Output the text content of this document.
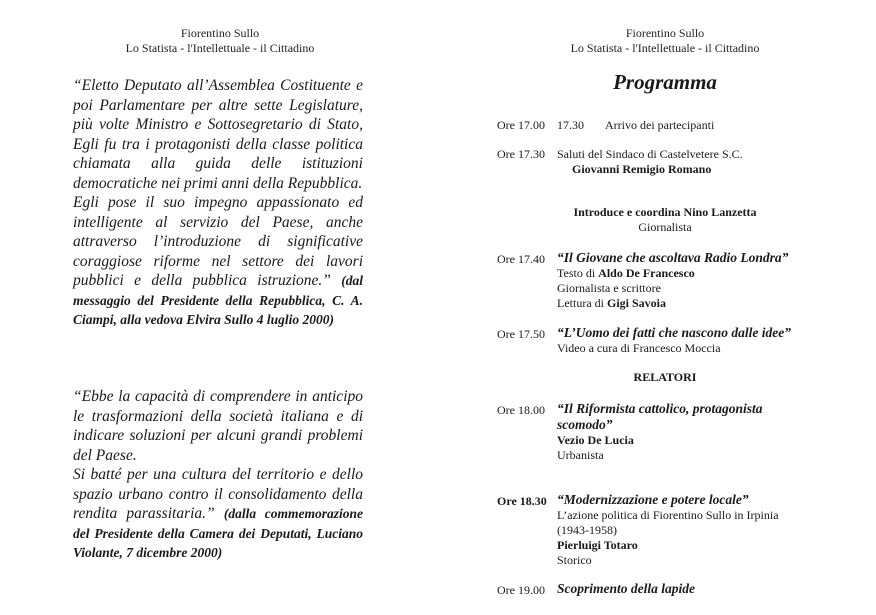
Fiorentino Sullo
Lo Statista - l'Intellettuale - il Cittadino
Fiorentino Sullo
Lo Statista - l'Intellettuale - il Cittadino

“Eletto Deputato all’Assemblea Costituente e poi Parlamentare per altre sette Legislature, più volte Ministro e Sottosegretario di Stato, Egli fu tra i protagonisti della classe politica chiamata alla guida delle istituzioni democratiche nei primi anni della Repubblica.

Egli pose il suo impegno appassionato ed intelligente al servizio del Paese, anche attraverso l’introduzione di significative coraggiose riforme nel settore dei lavori pubblici e della pubblica istruzione.” (dal messaggio del Presidente della Repubblica, C. A. Ciampi, alla vedova Elvira Sullo 4 luglio 2000)

“Ebbe la capacità di comprendere in anticipo le trasformazioni della società italiana e di indicare soluzioni per alcuni grandi problemi del Paese.

Si batté per una cultura del territorio e dello spazio urbano contro il consolidamento della rendita parassitaria.” (dalla commemorazione del Presidente della Camera dei Deputati, Luciano Violante, 7 dicembre 2000)

Programma
Ore 17.00 17.30 Arrivo dei partecipanti
Ore 17.30 Saluti del Sindaco di Castelvetere S.C.
Giovanni Remigio Romano
Introduce e coordina Nino Lanzetta
Giornalista
Ore 17.40 “Il Giovane che ascoltava Radio Londra”
Testo di Aldo De Francesco
Giornalista e scrittore
Lettura di Gigi Savoia
Ore 17.50 “L’Uomo dei fatti che nascono dalle idee”
Video a cura di Francesco Moccia
RELATORI
Ore 18.00 “Il Riformista cattolico, protagonista scomodo”
Vezio De Lucia
Urbanista
Ore 18.30 “Modernizzazione e potere locale”
L’azione politica di Fiorentino Sullo in Irpinia
(1943-1958)
Pierluigi Totaro
Storico
Ore 19.00 Scoprimento della lapide
